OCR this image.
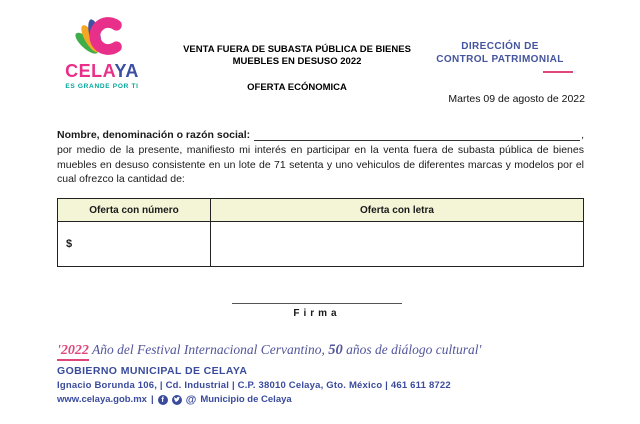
CELAYA
ES GRANDE POR TI
VENTA FUERA DE SUBASTA PÚBLICA DE BIENES
MUEBLES EN DESUSO 2022
OFERTA ECÓNOMICA
DIRECCIÓN DE
CONTROL PATRIMONIAL
Martes 09 de agosto de 2022
Nombre, denominación o razón social:	,
por medio de la presente, manifiesto mi interés en participar en la venta fuera de subasta pública de bienes muebles en desuso consistente en un lote de 71 setenta y uno vehiculos de diferentes marcas y modelos por el cual ofrezco la cantidad de:
Oferta con número	Oferta con letra
$	
Firma
'2022 Año del Festival Internacional Cervantino, 50 años de diálogo cultural'
GOBIERNO MUNICIPAL DE CELAYA
Ignacio Borunda 106, | Cd. Industrial | C.P. 38010 Celaya, Gto. México | 461 611 8722
www.celaya.gob.mx |	f	@ Municipio de Celaya
